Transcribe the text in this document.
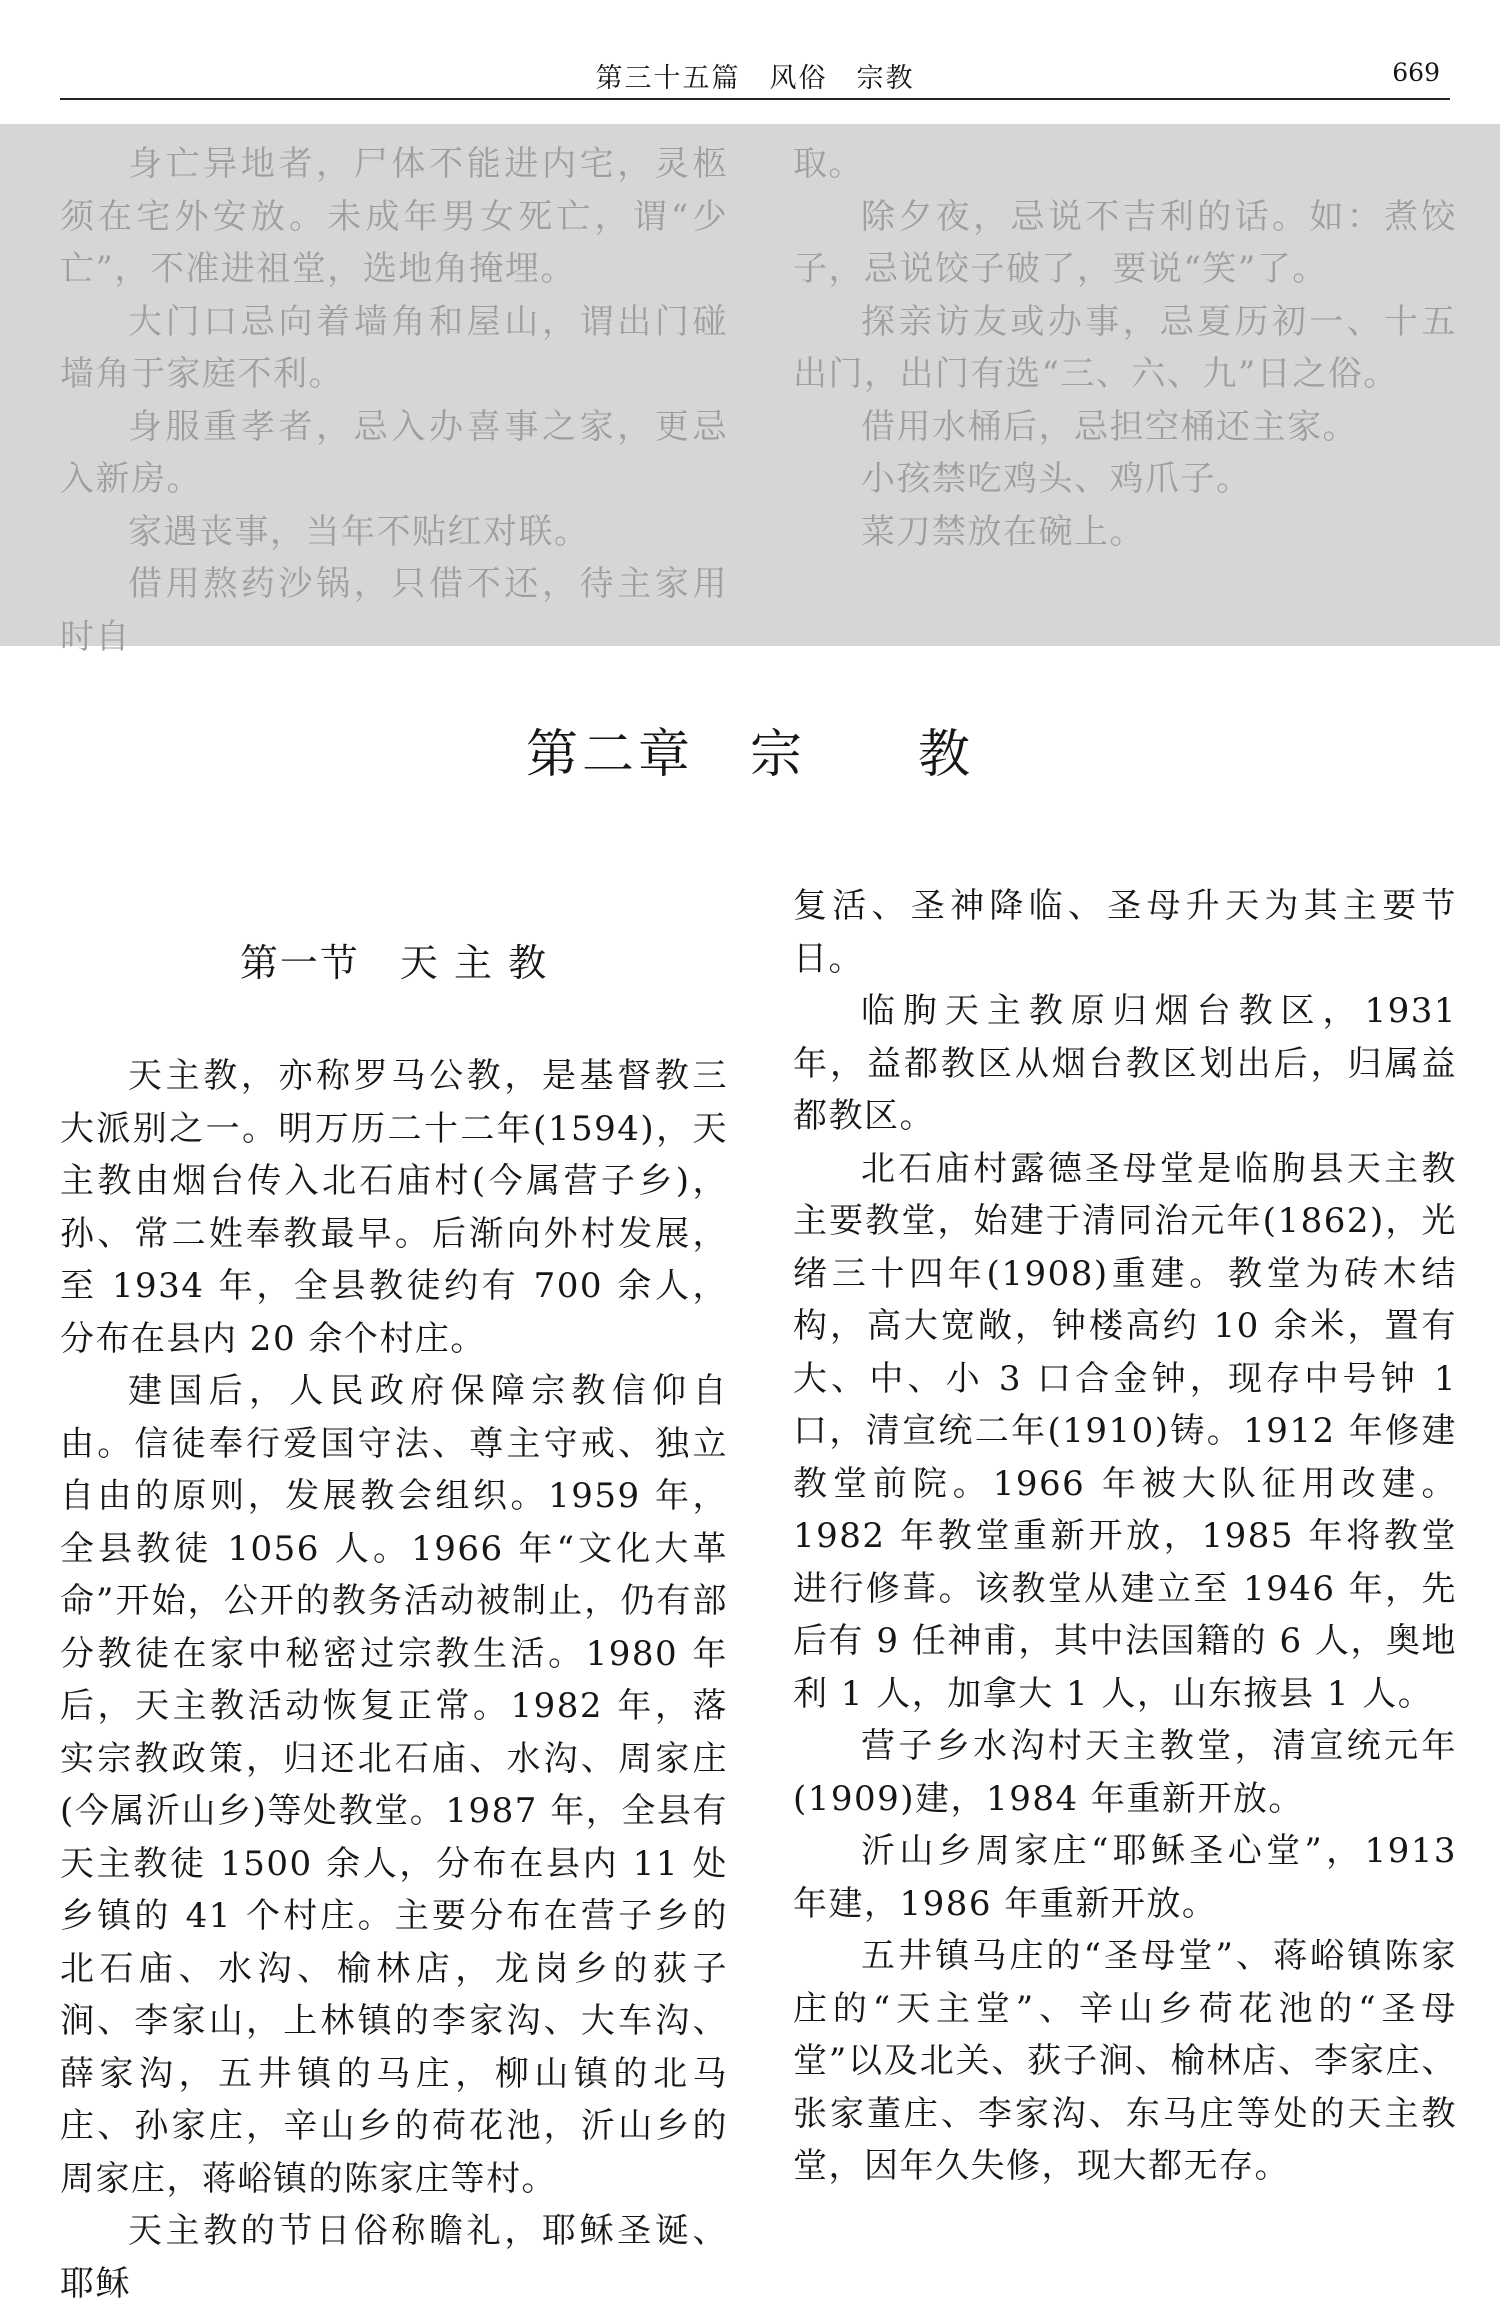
第三十五篇　风俗　宗教	669

身亡异地者，尸体不能进内宅，灵柩须在宅外安放。未成年男女死亡，谓“少亡”，不准进祖堂，选地角掩埋。

大门口忌向着墙角和屋山，谓出门碰墙角于家庭不利。

身服重孝者，忌入办喜事之家，更忌入新房。

家遇丧事，当年不贴红对联。

借用熬药沙锅，只借不还，待主家用时自

取。

除夕夜，忌说不吉利的话。如：煮饺子，忌说饺子破了，要说“笑”了。

探亲访友或办事，忌夏历初一、十五出门，出门有选“三、六、九”日之俗。

借用水桶后，忌担空桶还主家。

小孩禁吃鸡头、鸡爪子。

菜刀禁放在碗上。

第二章　宗　　教
第一节　天 主 教

天主教，亦称罗马公教，是基督教三大派别之一。明万历二十二年(1594)，天主教由烟台传入北石庙村(今属营子乡)，孙、常二姓奉教最早。后渐向外村发展，至 1934 年，全县教徒约有 700 余人，分布在县内 20 余个村庄。

建国后，人民政府保障宗教信仰自由。信徒奉行爱国守法、尊主守戒、独立自由的原则，发展教会组织。1959 年，全县教徒 1056 人。1966 年“文化大革命”开始，公开的教务活动被制止，仍有部分教徒在家中秘密过宗教生活。1980 年后，天主教活动恢复正常。1982 年，落实宗教政策，归还北石庙、水沟、周家庄(今属沂山乡)等处教堂。1987 年，全县有天主教徒 1500 余人，分布在县内 11 处乡镇的 41 个村庄。主要分布在营子乡的北石庙、水沟、榆林店，龙岗乡的荻子涧、李家山，上林镇的李家沟、大车沟、薛家沟，五井镇的马庄，柳山镇的北马庄、孙家庄，辛山乡的荷花池，沂山乡的周家庄，蒋峪镇的陈家庄等村。

天主教的节日俗称瞻礼，耶稣圣诞、耶稣

复活、圣神降临、圣母升天为其主要节日。

临朐天主教原归烟台教区，1931 年，益都教区从烟台教区划出后，归属益都教区。

北石庙村露德圣母堂是临朐县天主教主要教堂，始建于清同治元年(1862)，光绪三十四年(1908)重建。教堂为砖木结构，高大宽敞，钟楼高约 10 余米，置有大、中、小 3 口合金钟，现存中号钟 1 口，清宣统二年(1910)铸。1912 年修建教堂前院。1966 年被大队征用改建。1982 年教堂重新开放，1985 年将教堂进行修葺。该教堂从建立至 1946 年，先后有 9 任神甫，其中法国籍的 6 人，奥地利 1 人，加拿大 1 人，山东掖县 1 人。

营子乡水沟村天主教堂，清宣统元年(1909)建，1984 年重新开放。

沂山乡周家庄“耶稣圣心堂”，1913 年建，1986 年重新开放。

五井镇马庄的“圣母堂”、蒋峪镇陈家庄的“天主堂”、辛山乡荷花池的“圣母堂”以及北关、荻子涧、榆林店、李家庄、张家董庄、李家沟、东马庄等处的天主教堂，因年久失修，现大都无存。
